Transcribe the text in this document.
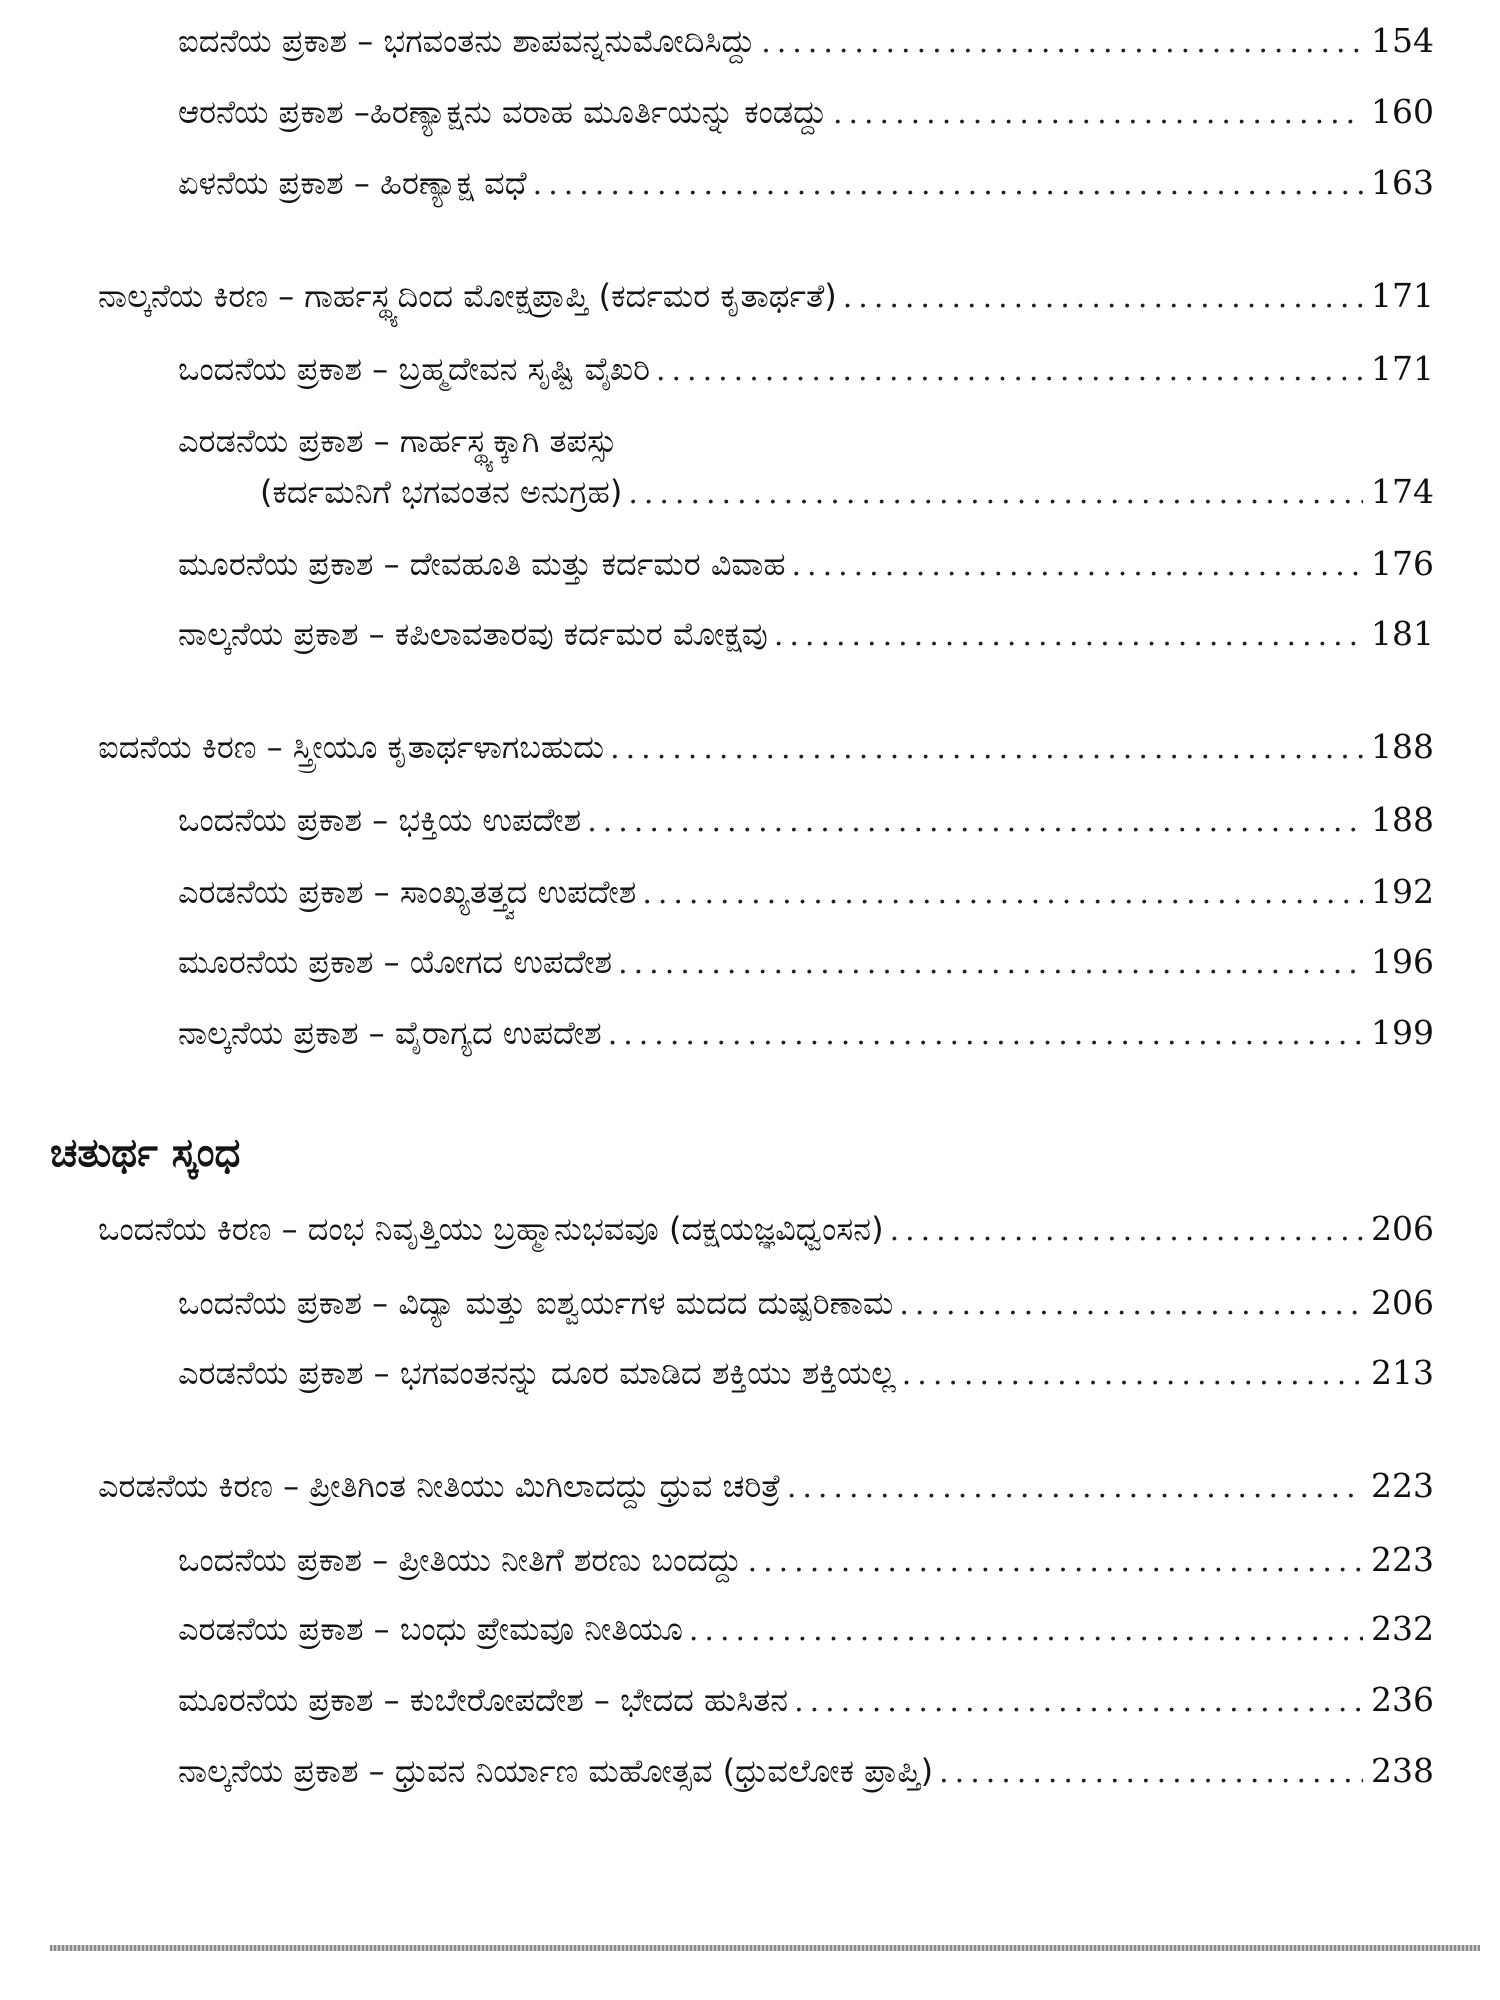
ಐದನೆಯ ಪ್ರಕಾಶ – ಭಗವಂತನು ಶಾಪವನ್ನನುಮೋದಿಸಿದ್ದು .....	154
ಆರನೆಯ ಪ್ರಕಾಶ –ಹಿರಣ್ಯಾಕ್ಷನು ವರಾಹ ಮೂರ್ತಿಯನ್ನು ಕಂಡದ್ದು .....	160
ಏಳನೆಯ ಪ್ರಕಾಶ – ಹಿರಣ್ಯಾಕ್ಷ ವಧೆ .....	163
ನಾಲ್ಕನೆಯ ಕಿರಣ – ಗಾರ್ಹಸ್ಥ್ಯದಿಂದ ಮೋಕ್ಷಪ್ರಾಪ್ತಿ (ಕರ್ದಮರ ಕೃತಾರ್ಥತೆ) .....	171
ಒಂದನೆಯ ಪ್ರಕಾಶ – ಬ್ರಹ್ಮದೇವನ ಸೃಷ್ಟಿ ವೈಖರಿ .....	171
ಎರಡನೆಯ ಪ್ರಕಾಶ – ಗಾರ್ಹಸ್ಥ್ಯಕ್ಕಾಗಿ ತಪಸ್ಸು
(ಕರ್ದಮನಿಗೆ ಭಗವಂತನ ಅನುಗ್ರಹ) .....	174
ಮೂರನೆಯ ಪ್ರಕಾಶ – ದೇವಹೂತಿ ಮತ್ತು ಕರ್ದಮರ ವಿವಾಹ .....	176
ನಾಲ್ಕನೆಯ ಪ್ರಕಾಶ – ಕಪಿಲಾವತಾರವು ಕರ್ದಮರ ಮೋಕ್ಷವು .....	181
ಐದನೆಯ ಕಿರಣ – ಸ್ತ್ರೀಯೂ ಕೃತಾರ್ಥಳಾಗಬಹುದು .....	188
ಒಂದನೆಯ ಪ್ರಕಾಶ – ಭಕ್ತಿಯ ಉಪದೇಶ .....	188
ಎರಡನೆಯ ಪ್ರಕಾಶ – ಸಾಂಖ್ಯತತ್ತ್ವದ ಉಪದೇಶ .....	192
ಮೂರನೆಯ ಪ್ರಕಾಶ – ಯೋಗದ ಉಪದೇಶ .....	196
ನಾಲ್ಕನೆಯ ಪ್ರಕಾಶ – ವೈರಾಗ್ಯದ ಉಪದೇಶ .....	199
ಚತುರ್ಥ ಸ್ಕಂಧ
ಒಂದನೆಯ ಕಿರಣ – ದಂಭ ನಿವೃತ್ತಿಯು ಬ್ರಹ್ಮಾನುಭವವೂ (ದಕ್ಷಯಜ್ಞವಿಧ್ವಂಸನ) .....	206
ಒಂದನೆಯ ಪ್ರಕಾಶ – ವಿದ್ಯಾ ಮತ್ತು ಐಶ್ವರ್ಯಗಳ ಮದದ ದುಷ್ಪರಿಣಾಮ .....	206
ಎರಡನೆಯ ಪ್ರಕಾಶ – ಭಗವಂತನನ್ನು ದೂರ ಮಾಡಿದ ಶಕ್ತಿಯು ಶಕ್ತಿಯಲ್ಲ .....	213
ಎರಡನೆಯ ಕಿರಣ – ಪ್ರೀತಿಗಿಂತ ನೀತಿಯು ಮಿಗಿಲಾದದ್ದು ಧ್ರುವ ಚರಿತ್ರೆ .....	223
ಒಂದನೆಯ ಪ್ರಕಾಶ – ಪ್ರೀತಿಯು ನೀತಿಗೆ ಶರಣು ಬಂದದ್ದು .....	223
ಎರಡನೆಯ ಪ್ರಕಾಶ – ಬಂಧು ಪ್ರೇಮವೂ ನೀತಿಯೂ .....	232
ಮೂರನೆಯ ಪ್ರಕಾಶ – ಕುಬೇರೋಪದೇಶ – ಭೇದದ ಹುಸಿತನ .....	236
ನಾಲ್ಕನೆಯ ಪ್ರಕಾಶ – ಧ್ರುವನ ನಿರ್ಯಾಣ ಮಹೋತ್ಸವ (ಧ್ರುವಲೋಕ ಪ್ರಾಪ್ತಿ) .....	238
